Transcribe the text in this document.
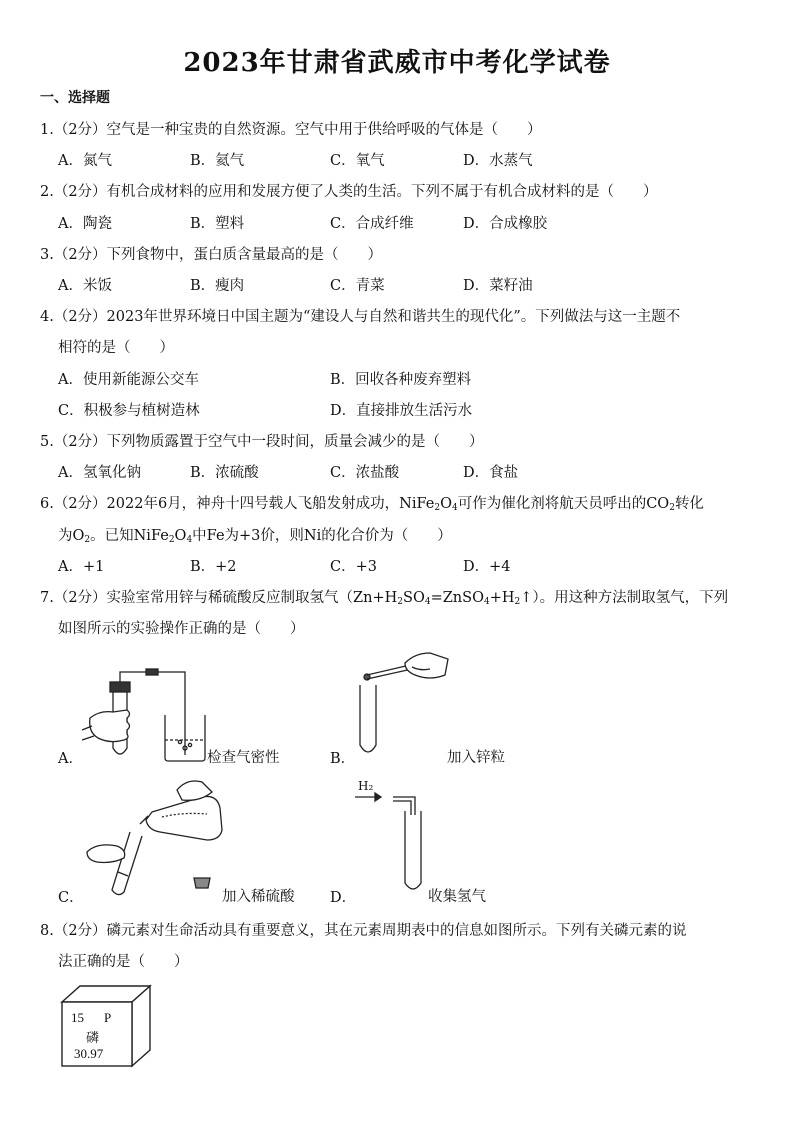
2023年甘肃省武威市中考化学试卷
一、选择题
1.（2分）空气是一种宝贵的自然资源。空气中用于供给呼吸的气体是（　　）
A．氮气	B．氦气	C．氧气	D．水蒸气
2.（2分）有机合成材料的应用和发展方便了人类的生活。下列不属于有机合成材料的是（　　）
A．陶瓷	B．塑料	C．合成纤维	D．合成橡胶
3.（2分）下列食物中，蛋白质含量最高的是（　　）
A．米饭	B．瘦肉	C．青菜	D．菜籽油
4.（2分）2023年世界环境日中国主题为“建设人与自然和谐共生的现代化”。下列做法与这一主题不
相符的是（　　）
A．使用新能源公交车	B．回收各种废弃塑料
C．积极参与植树造林	D．直接排放生活污水
5.（2分）下列物质露置于空气中一段时间，质量会减少的是（　　）
A．氢氧化钠	B．浓硫酸	C．浓盐酸	D．食盐
6.（2分）2022年6月，神舟十四号载人飞船发射成功，$NiFe_2O_4$可作为催化剂将航天员呼出的$CO_2$转化
为$O_2$。已知$NiFe_2O_4$中Fe为+3价，则Ni的化合价为（　　）
A．+1	B．+2	C．+3	D．+4
7.（2分）实验室常用锌与稀硫酸反应制取氢气$(Zn+H_2SO_4=ZnSO_4+H_2↑)$。用这种方法制取氢气，下列
如图所示的实验操作正确的是（　　）
A．	检查气密性	B．	加入锌粒
C．	加入稀硫酸
H₂
D．	收集氢气
8.（2分）磷元素对生命活动具有重要意义，其在元素周期表中的信息如图所示。下列有关磷元素的说
法正确的是（　　）
15 P
磷
30.97
